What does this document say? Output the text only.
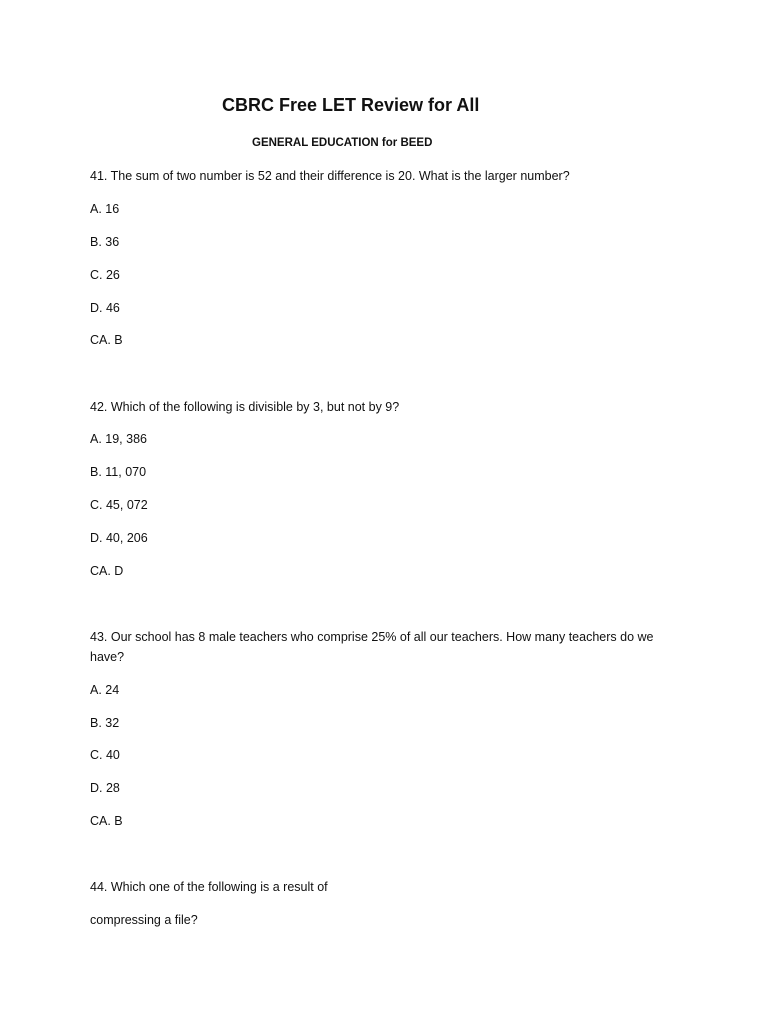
CBRC Free LET Review for All
GENERAL EDUCATION for BEED
41. The sum of two number is 52 and their difference is 20. What is the larger number?
A. 16
B. 36
C. 26
D. 46
CA. B
42. Which of the following is divisible by 3, but not by 9?
A. 19, 386
B. 11, 070
C. 45, 072
D. 40, 206
CA. D
43. Our school has 8 male teachers who comprise 25% of all our teachers. How many teachers do we
have?
A. 24
B. 32
C. 40
D. 28
CA. B
44. Which one of the following is a result of
compressing a file?
